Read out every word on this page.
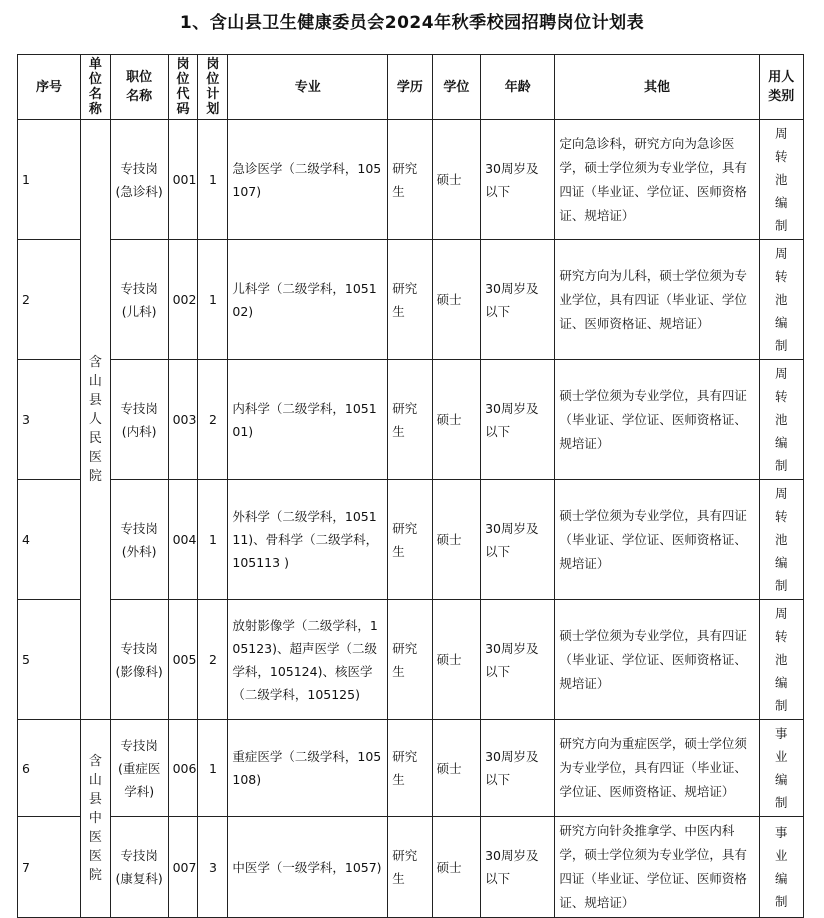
1、含山县卫生健康委员会2024年秋季校园招聘岗位计划表
序号	单位名称	职位名称	岗位代码	岗位计划	专业	学历	学位	年龄	其他	用人类别
1	含山县人民医院	专技岗(急诊科)	001	1	急诊医学（二级学科，105107)	研究生	硕士	30周岁及以下	定向急诊科，研究方向为急诊医学，硕士学位须为专业学位，具有四证（毕业证、学位证、医师资格证、规培证）	周转池编制
2		专技岗(儿科)	002	1	儿科学（二级学科，105102)	研究生	硕士	30周岁及以下	研究方向为儿科，硕士学位须为专业学位，具有四证（毕业证、学位证、医师资格证、规培证）	周转池编制
3		专技岗(内科)	003	2	内科学（二级学科，105101)	研究生	硕士	30周岁及以下	硕士学位须为专业学位，具有四证（毕业证、学位证、医师资格证、规培证）	周转池编制
4		专技岗(外科)	004	1	外科学（二级学科，105111)、骨科学（二级学科，105113 )	研究生	硕士	30周岁及以下	硕士学位须为专业学位，具有四证（毕业证、学位证、医师资格证、规培证）	周转池编制
5		专技岗(影像科)	005	2	放射影像学（二级学科，105123)、超声医学（二级学科，105124)、核医学（二级学科，105125)	研究生	硕士	30周岁及以下	硕士学位须为专业学位，具有四证（毕业证、学位证、医师资格证、规培证）	周转池编制
6	含山县中医医院	专技岗(重症医学科)	006	1	重症医学（二级学科，105108)	研究生	硕士	30周岁及以下	研究方向为重症医学，硕士学位须为专业学位，具有四证（毕业证、学位证、医师资格证、规培证）	事业编制
7		专技岗(康复科)	007	3	中医学（一级学科，1057)	研究生	硕士	30周岁及以下	研究方向针灸推拿学、中医内科学，硕士学位须为专业学位，具有四证（毕业证、学位证、医师资格证、规培证）	事业编制
